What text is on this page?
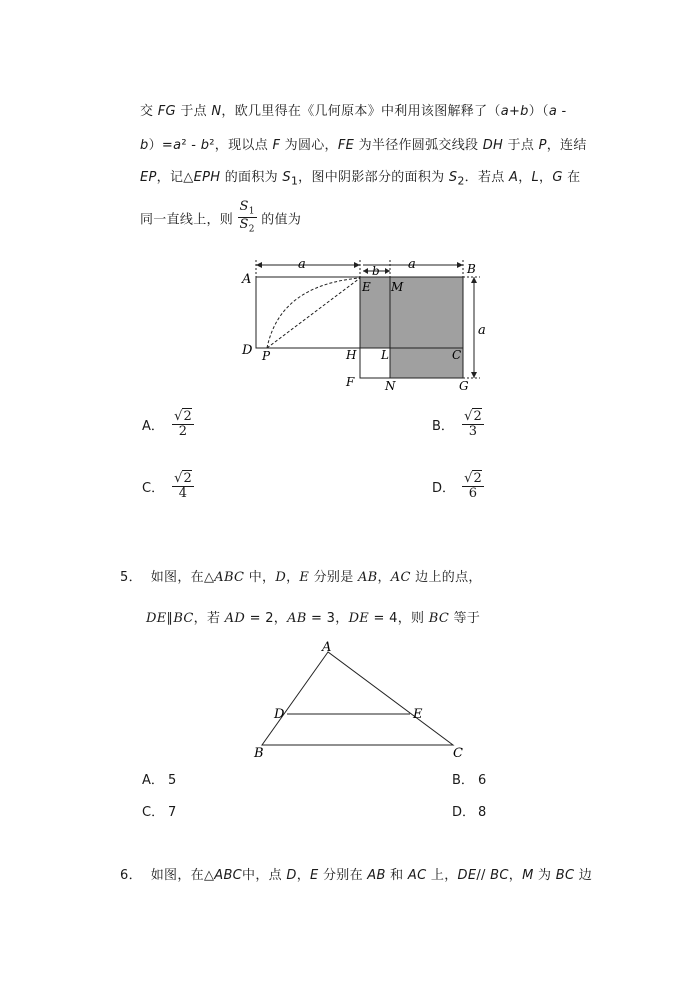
交 FG 于点 N，欧几里得在《几何原本》中利用该图解释了（a+b）（a -
b）=a² - b²，现以点 F 为圆心，FE 为半径作圆弧交线段 DH 于点 P，连结
EP，记△EPH 的面积为 $S_1$，图中阴影部分的面积为 $S_2$．若点 A，L，G 在
同一直线上，则 $\frac{S_1}{S_2}$ 的值为
A	E M
B
D P	H L	C
F	N	G
a	b a
a
A． $\frac{√2}{2}$	B． $\frac{√2}{3}$
C． $\frac{√2}{4}$	D． $\frac{√2}{6}$
5． 如图，在△ABC 中，D，E 分别是 AB，AC 边上的点，
DE∥BC，若 AD = 2，AB = 3，DE = 4，则 BC 等于
A
D	E
B	C
A． 5	B． 6
C． 7	D． 8
6． 如图，在△ABC中，点 D，E 分别在 AB 和 AC 上，DE// BC，M 为 BC 边
